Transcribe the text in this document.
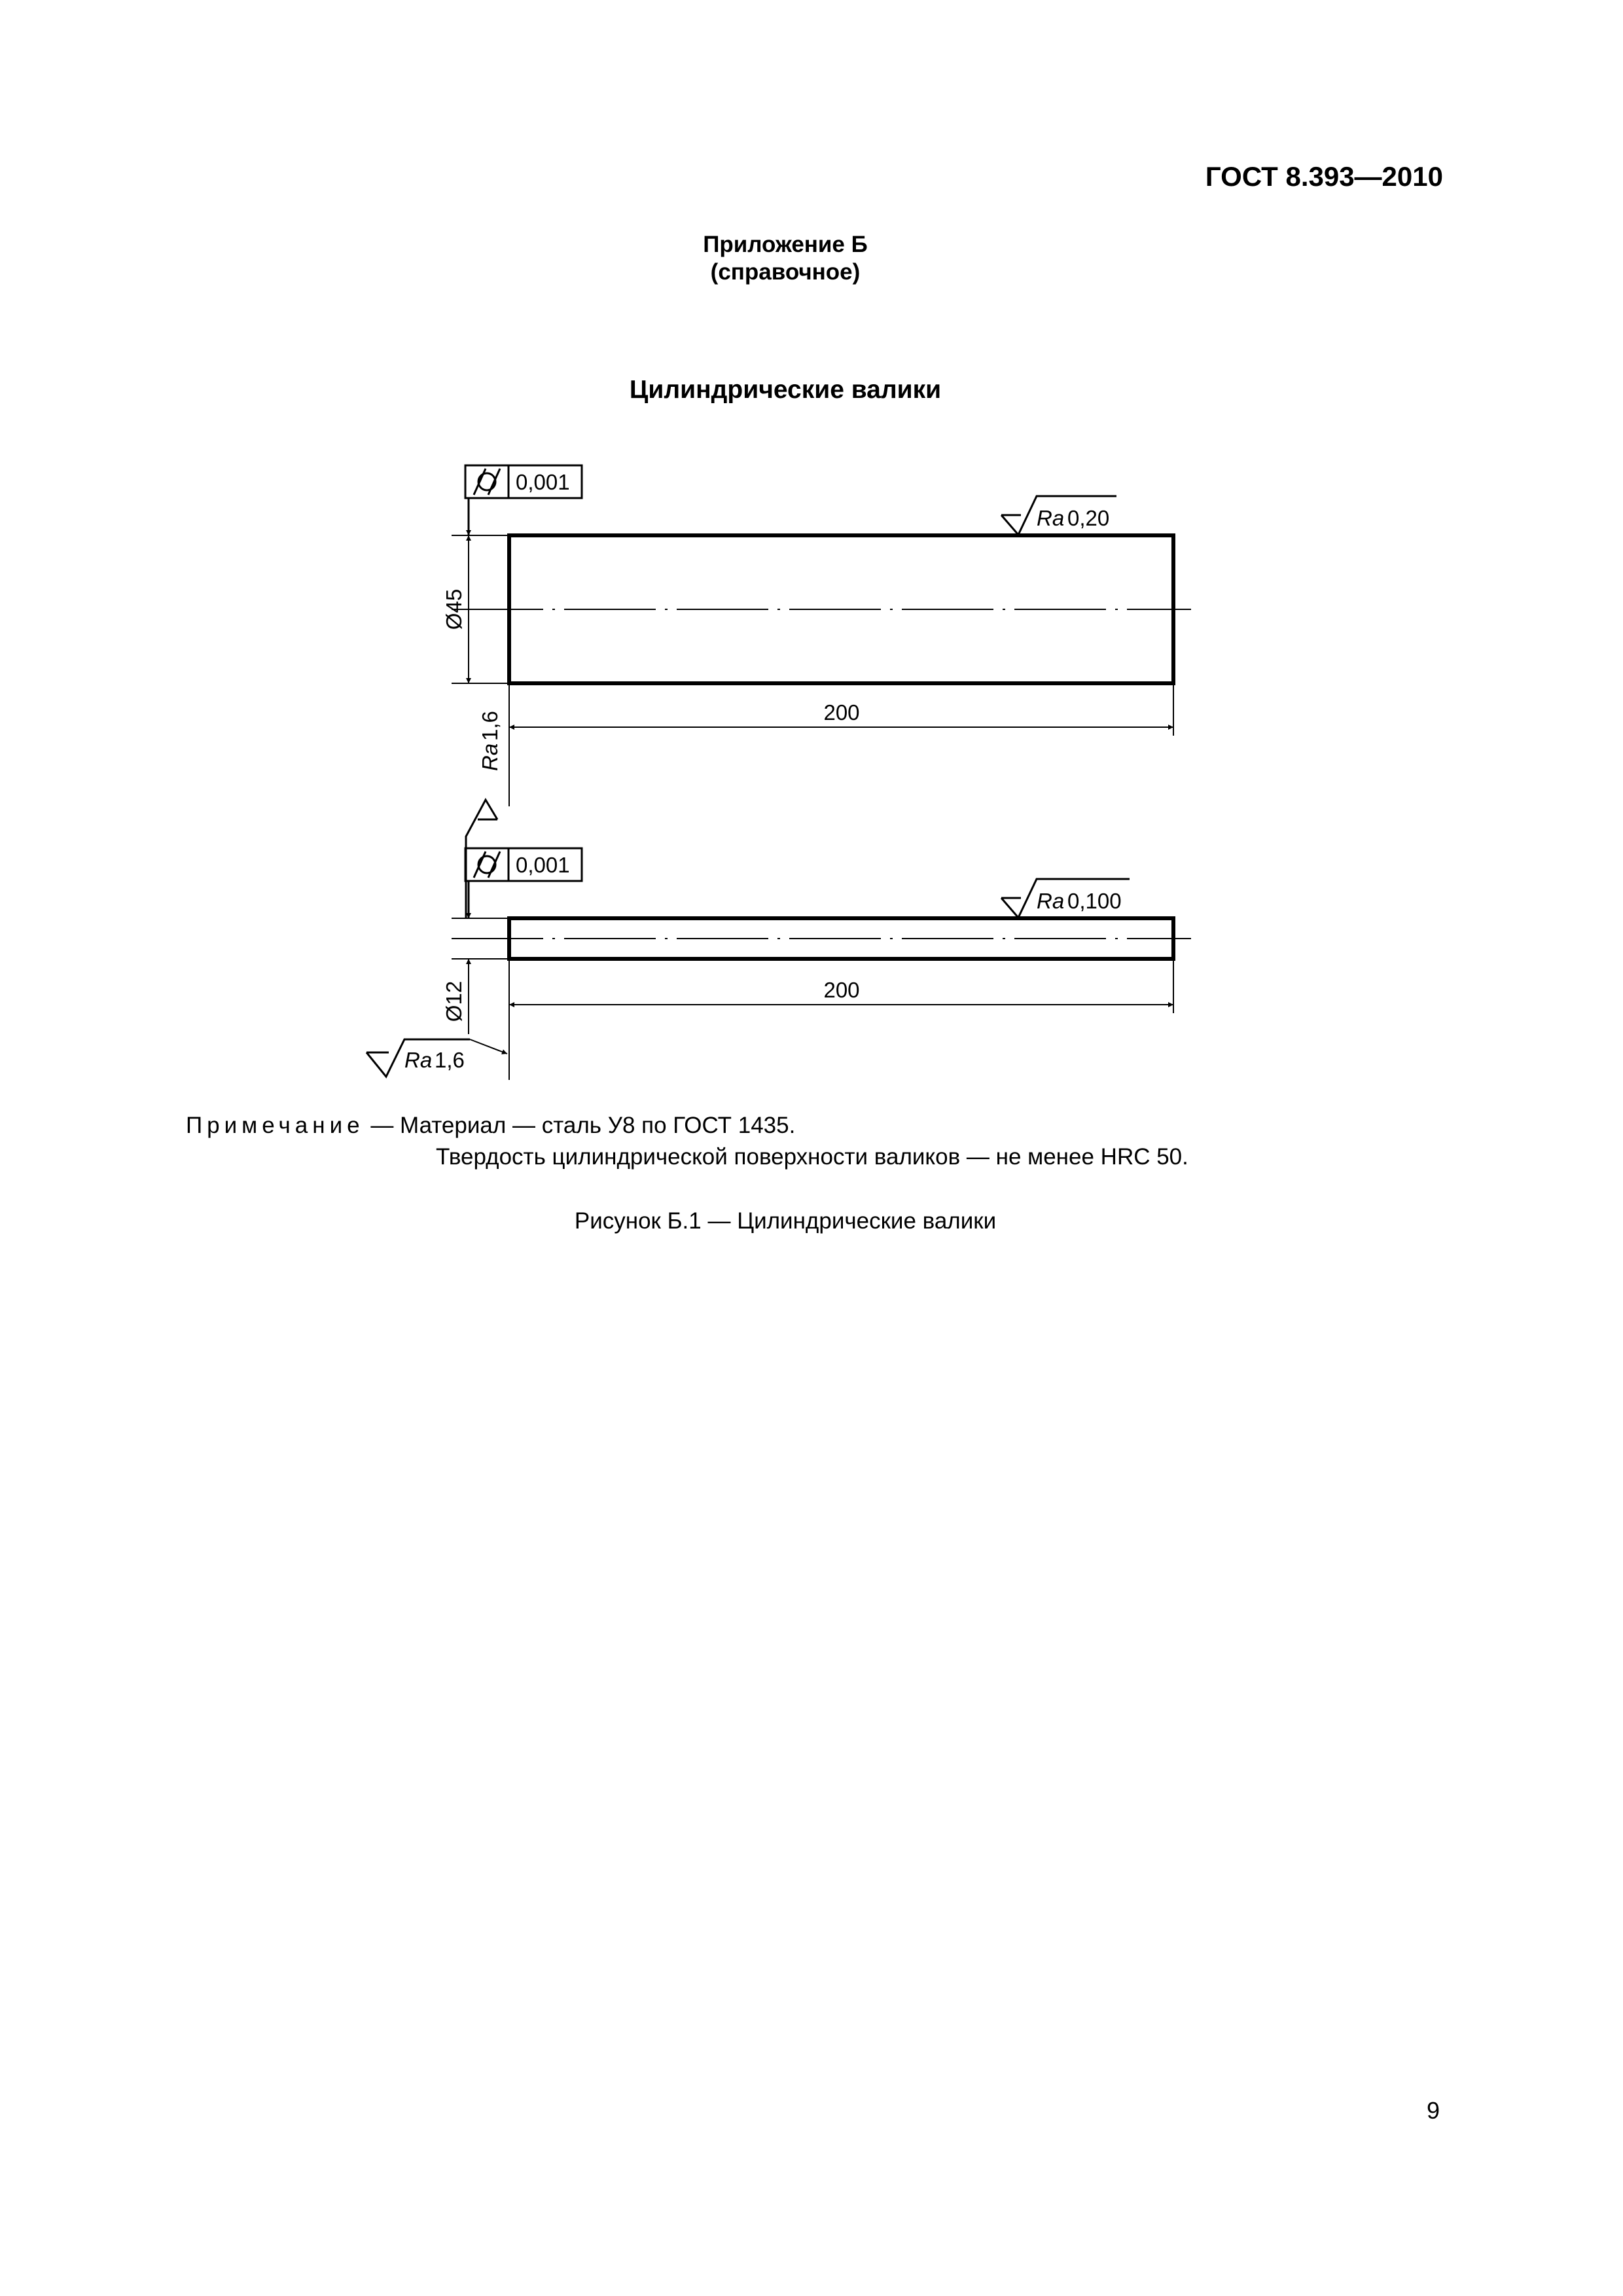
ГОСТ 8.393—2010
Приложение Б
(справочное)
Цилиндрические валики
0,001
Ø45
Ra 0,20
200
Ra
1,6
0,001
Ø12
Ra 0,100
200
Ra 1,6
Примечание — Материал — сталь У8 по ГОСТ 1435.
Твердость цилиндрической поверхности валиков — не менее HRC 50.
Рисунок Б.1 — Цилиндрические валики
9
